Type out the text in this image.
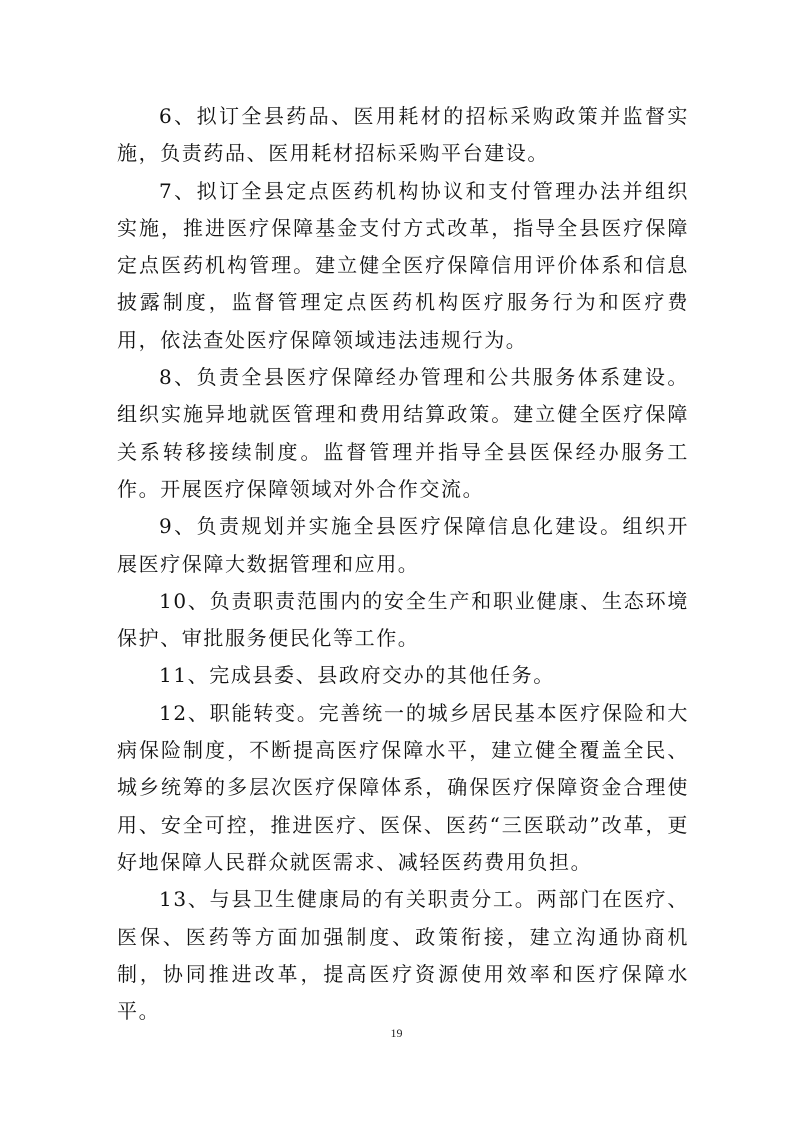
6、拟订全县药品、医用耗材的招标采购政策并监督实施，负责药品、医用耗材招标采购平台建设。

7、拟订全县定点医药机构协议和支付管理办法并组织实施，推进医疗保障基金支付方式改革，指导全县医疗保障定点医药机构管理。建立健全医疗保障信用评价体系和信息披露制度，监督管理定点医药机构医疗服务行为和医疗费用，依法查处医疗保障领域违法违规行为。

8、负责全县医疗保障经办管理和公共服务体系建设。组织实施异地就医管理和费用结算政策。建立健全医疗保障关系转移接续制度。监督管理并指导全县医保经办服务工作。开展医疗保障领域对外合作交流。

9、负责规划并实施全县医疗保障信息化建设。组织开展医疗保障大数据管理和应用。

10、负责职责范围内的安全生产和职业健康、生态环境保护、审批服务便民化等工作。

11、完成县委、县政府交办的其他任务。

12、职能转变。完善统一的城乡居民基本医疗保险和大病保险制度，不断提高医疗保障水平，建立健全覆盖全民、城乡统筹的多层次医疗保障体系，确保医疗保障资金合理使用、安全可控，推进医疗、医保、医药“三医联动”改革，更好地保障人民群众就医需求、减轻医药费用负担。

13、与县卫生健康局的有关职责分工。两部门在医疗、医保、医药等方面加强制度、政策衔接，建立沟通协商机制，协同推进改革，提高医疗资源使用效率和医疗保障水平。

19
